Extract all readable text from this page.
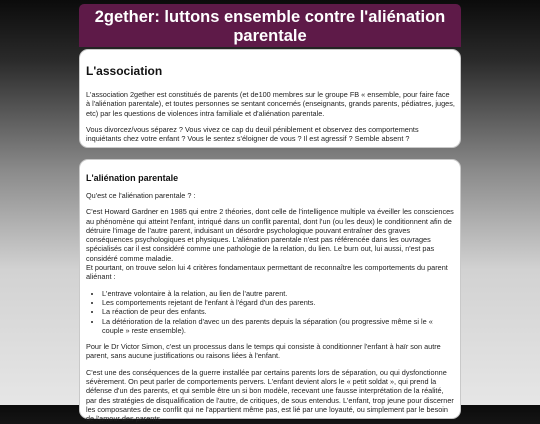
2gether: luttons ensemble contre l'aliénation parentale
L'association

L'association 2gether est constitués de parents (et de100 membres sur le groupe FB « ensemble, pour faire face à l'aliénation parentale), et toutes personnes se sentant concernés (enseignants, grands parents, pédiatres, juges, etc) par les questions de violences intra familiale et d'aliénation parentale.

Vous divorcez/vous séparez ? Vous vivez ce cap du deuil péniblement et observez des comportements inquiétants chez votre enfant ? Vous le sentez s'éloigner de vous ? Il est agressif ? Semble absent ?

L'aliénation parentale

Qu'est ce l'aliénation parentale ? :

C'est Howard Gardner en 1985 qui entre 2 théories, dont celle de l'intelligence multiple va éveiller les consciences au phénomène qui atteint l'enfant, intriqué dans un conflit parental, dont l'un (ou les deux) le conditionnent afin de détruire l'image de l'autre parent, induisant un désordre psychologique pouvant entraîner des graves conséquences psychologiques et physiques. L'aliénation parentale n'est pas référencée dans les ouvrages spécialisés car il est considéré comme une pathologie de la relation, du lien. Le burn out, lui aussi, n'est pas considéré comme maladie.

Et pourtant, on trouve selon lui 4 critères fondamentaux permettant de reconnaître les comportements du parent aliénant :

• L'entrave volontaire à la relation, au lien de l'autre parent.
• Les comportements rejetant de l'enfant à l'égard d'un des parents.
• La réaction de peur des enfants.
• La détérioration de la relation d'avec un des parents depuis la séparation (ou progressive même si le « couple » reste ensemble).

Pour le Dr Victor Simon, c'est un processus dans le temps qui consiste à conditionner l'enfant à haïr son autre parent, sans aucune justifications ou raisons liées à l'enfant.

C'est une des conséquences de la guerre installée par certains parents lors de séparation, ou qui dysfonctionne sévèrement. On peut parler de comportements pervers. L'enfant devient alors le « petit soldat », qui prend la défense d'un des parents, et qui semble être un si bon modèle, recevant une fausse interprétation de la réalité, par des stratégies de disqualification de l'autre, de critiques, de sous entendus. L'enfant, trop jeune pour discerner les composantes de ce conflit qui ne l'appartient même pas, est lié par une loyauté, ou simplement par le besoin de l'amour des parents.
